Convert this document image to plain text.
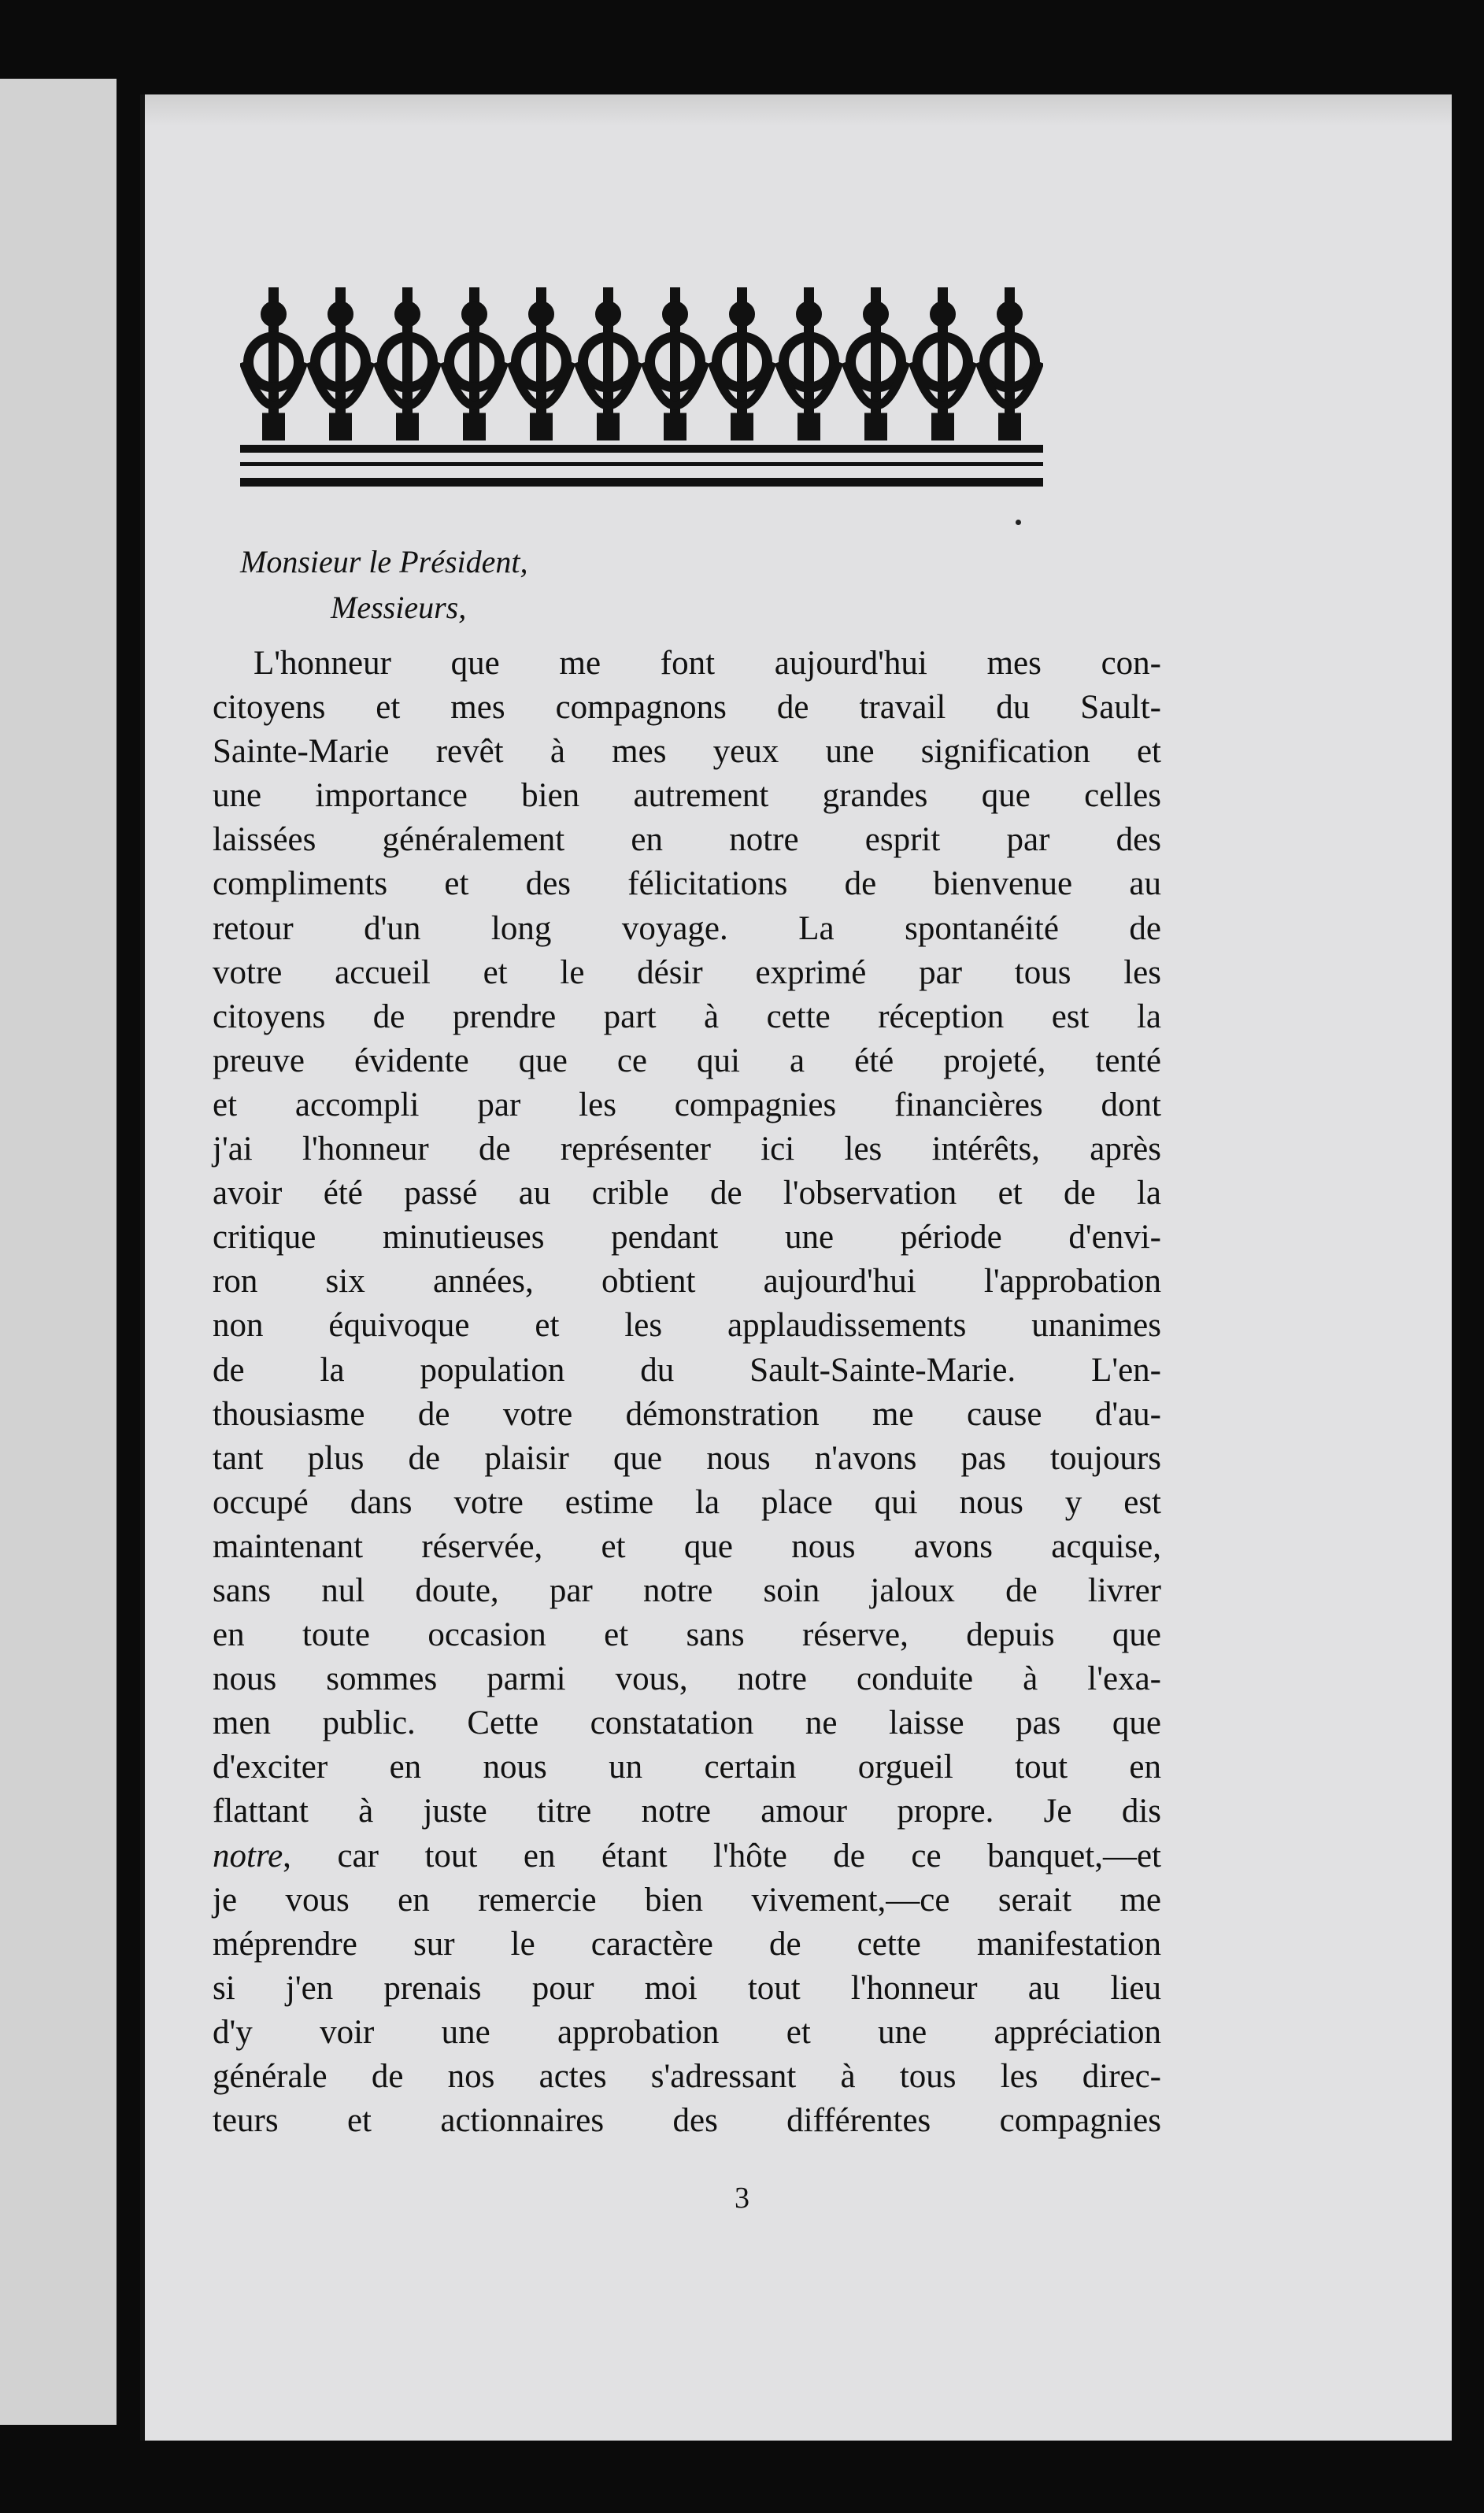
Monsieur le Président,
Messieurs,
L'honneur que me font aujourd'hui mes con-
citoyens et mes compagnons de travail du Sault-
Sainte-Marie revêt à mes yeux une signification et
une importance bien autrement grandes que celles
laissées généralement en notre esprit par des
compliments et des félicitations de bienvenue au
retour d'un long voyage. La spontanéité de
votre accueil et le désir exprimé par tous les
citoyens de prendre part à cette réception est la
preuve évidente que ce qui a été projeté, tenté
et accompli par les compagnies financières dont
j'ai l'honneur de représenter ici les intérêts, après
avoir été passé au crible de l'observation et de la
critique minutieuses pendant une période d'envi-
ron six années, obtient aujourd'hui l'approbation
non équivoque et les applaudissements unanimes
de la population du Sault-Sainte-Marie. L'en-
thousiasme de votre démonstration me cause d'au-
tant plus de plaisir que nous n'avons pas toujours
occupé dans votre estime la place qui nous y est
maintenant réservée, et que nous avons acquise,
sans nul doute, par notre soin jaloux de livrer
en toute occasion et sans réserve, depuis que
nous sommes parmi vous, notre conduite à l'exa-
men public. Cette constatation ne laisse pas que
d'exciter en nous un certain orgueil tout en
flattant à juste titre notre amour propre. Je dis
notre, car tout en étant l'hôte de ce banquet,—et
je vous en remercie bien vivement,—ce serait me
méprendre sur le caractère de cette manifestation
si j'en prenais pour moi tout l'honneur au lieu
d'y voir une approbation et une appréciation
générale de nos actes s'adressant à tous les direc-
teurs et actionnaires des différentes compagnies
3
